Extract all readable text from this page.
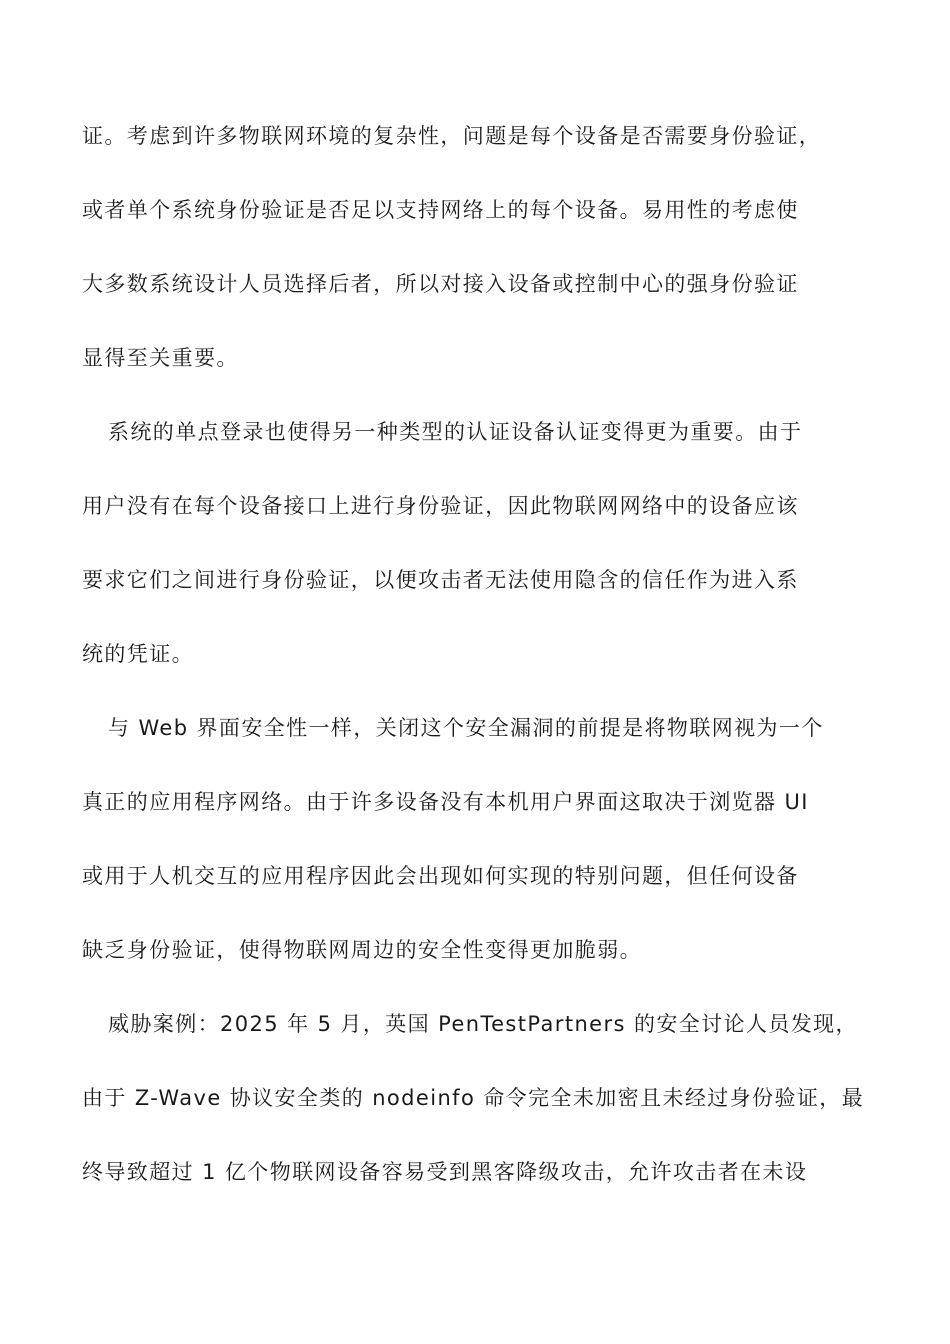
证。考虑到许多物联网环境的复杂性，问题是每个设备是否需要身份验证，
或者单个系统身份验证是否足以支持网络上的每个设备。易用性的考虑使
大多数系统设计人员选择后者，所以对接入设备或控制中心的强身份验证
显得至关重要。
系统的单点登录也使得另一种类型的认证设备认证变得更为重要。由于
用户没有在每个设备接口上进行身份验证，因此物联网网络中的设备应该
要求它们之间进行身份验证，以便攻击者无法使用隐含的信任作为进入系
统的凭证。
与 Web 界面安全性一样，关闭这个安全漏洞的前提是将物联网视为一个
真正的应用程序网络。由于许多设备没有本机用户界面这取决于浏览器 UI
或用于人机交互的应用程序因此会出现如何实现的特别问题，但任何设备
缺乏身份验证，使得物联网周边的安全性变得更加脆弱。
威胁案例：2025 年 5 月，英国 PenTestPartners 的安全讨论人员发现，
由于 Z-Wave 协议安全类的 nodeinfo 命令完全未加密且未经过身份验证，最
终导致超过 1 亿个物联网设备容易受到黑客降级攻击，允许攻击者在未设
